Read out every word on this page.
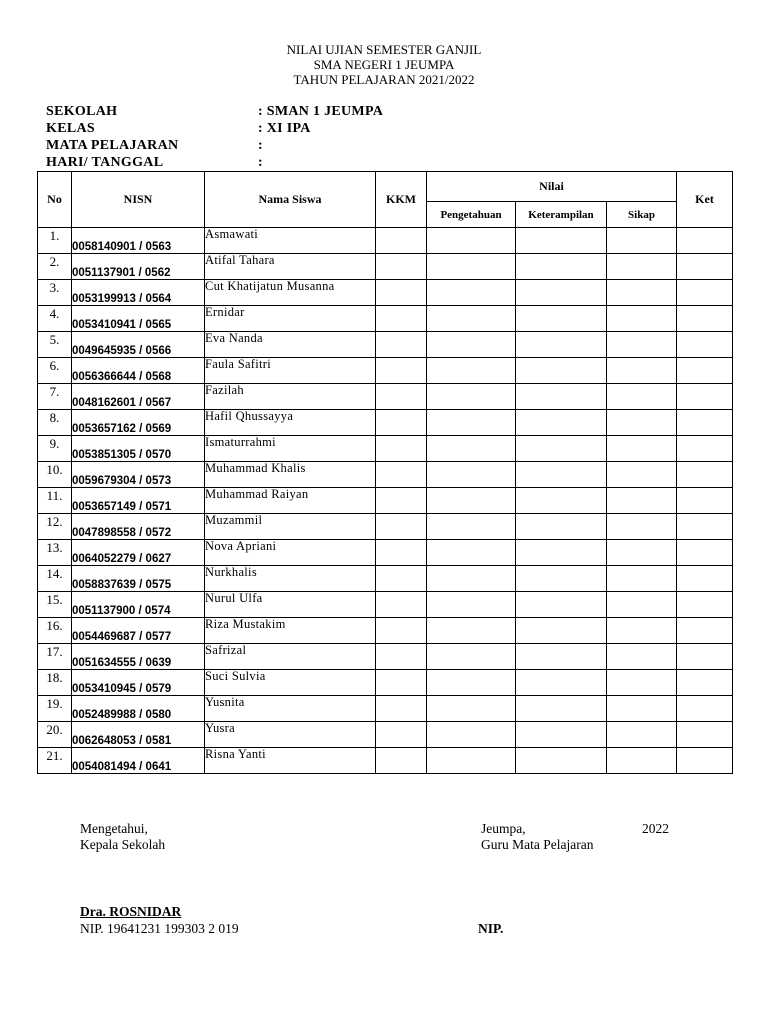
NILAI UJIAN SEMESTER GANJIL
SMA NEGERI 1 JEUMPA
TAHUN PELAJARAN 2021/2022
SEKOLAH	: SMAN 1 JEUMPA
KELAS	: XI IPA
MATA PELAJARAN	:
HARI/ TANGGAL	:
No	NISN	Nama Siswa	KKM	Nilai			Ket
				Pengetahuan	Keterampilan	Sikap	
1.	0058140901 / 0563	Asmawati					
2.	0051137901 / 0562	Atifal Tahara					
3.	0053199913 / 0564	Cut Khatijatun Musanna					
4.	0053410941 / 0565	Ernidar					
5.	0049645935 / 0566	Eva Nanda					
6.	0056366644 / 0568	Faula Safitri					
7.	0048162601 / 0567	Fazilah					
8.	0053657162 / 0569	Hafil Qhussayya					
9.	0053851305 / 0570	Ismaturrahmi					
10.	0059679304 / 0573	Muhammad Khalis					
11.	0053657149 / 0571	Muhammad Raiyan					
12.	0047898558 / 0572	Muzammil					
13.	0064052279 / 0627	Nova Apriani					
14.	0058837639 / 0575	Nurkhalis					
15.	0051137900 / 0574	Nurul Ulfa					
16.	0054469687 / 0577	Riza Mustakim					
17.	0051634555 / 0639	Safrizal					
18.	0053410945 / 0579	Suci Sulvia					
19.	0052489988 / 0580	Yusnita					
20.	0062648053 / 0581	Yusra					
21.	0054081494 / 0641	Risna Yanti					
Mengetahui,
Kepala Sekolah
Dra. ROSNIDAR
NIP. 19641231 199303 2 019
Jeumpa,	2022
Guru Mata Pelajaran
NIP.
